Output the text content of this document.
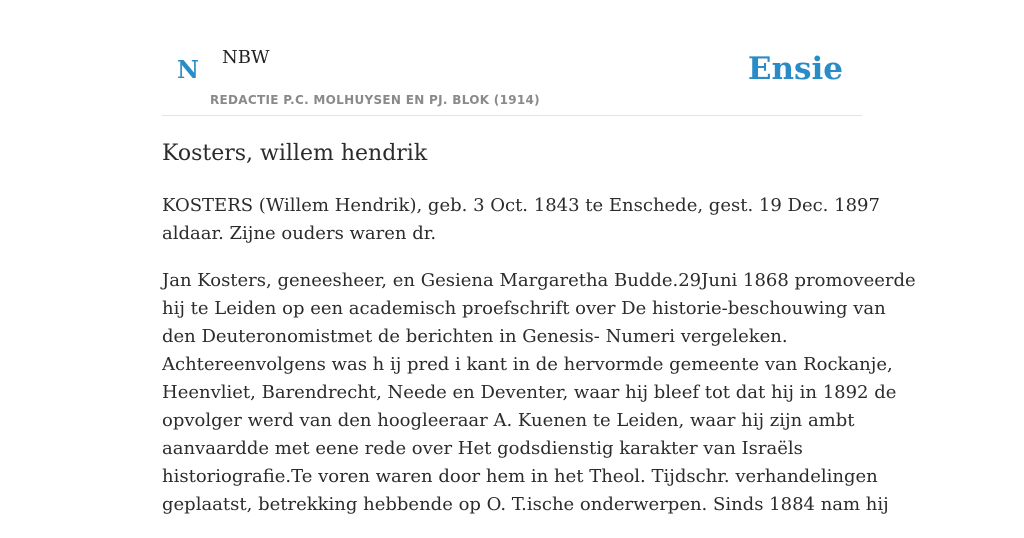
N NBW
REDACTIE P.C. MOLHUYSEN EN PJ. BLOK (1914)
Ensie
Kosters, willem hendrik

KOSTERS (Willem Hendrik), geb. 3 Oct. 1843 te Enschede, gest. 19 Dec. 1897
aldaar. Zijne ouders waren dr.

Jan Kosters, geneesheer, en Gesiena Margaretha Budde.29Juni 1868 promoveerde
hij te Leiden op een academisch proefschrift over De historie-beschouwing van
den Deuteronomistmet de berichten in Genesis- Numeri vergeleken.
Achtereenvolgens was h ij pred i kant in de hervormde gemeente van Rockanje,
Heenvliet, Barendrecht, Neede en Deventer, waar hij bleef tot dat hij in 1892 de
opvolger werd van den hoogleeraar A. Kuenen te Leiden, waar hij zijn ambt
aanvaardde met eene rede over Het godsdienstig karakter van Israëls
historiografie.Te voren waren door hem in het Theol. Tijdschr. verhandelingen
geplaatst, betrekking hebbende op O. T.ische onderwerpen. Sinds 1884 nam hij
